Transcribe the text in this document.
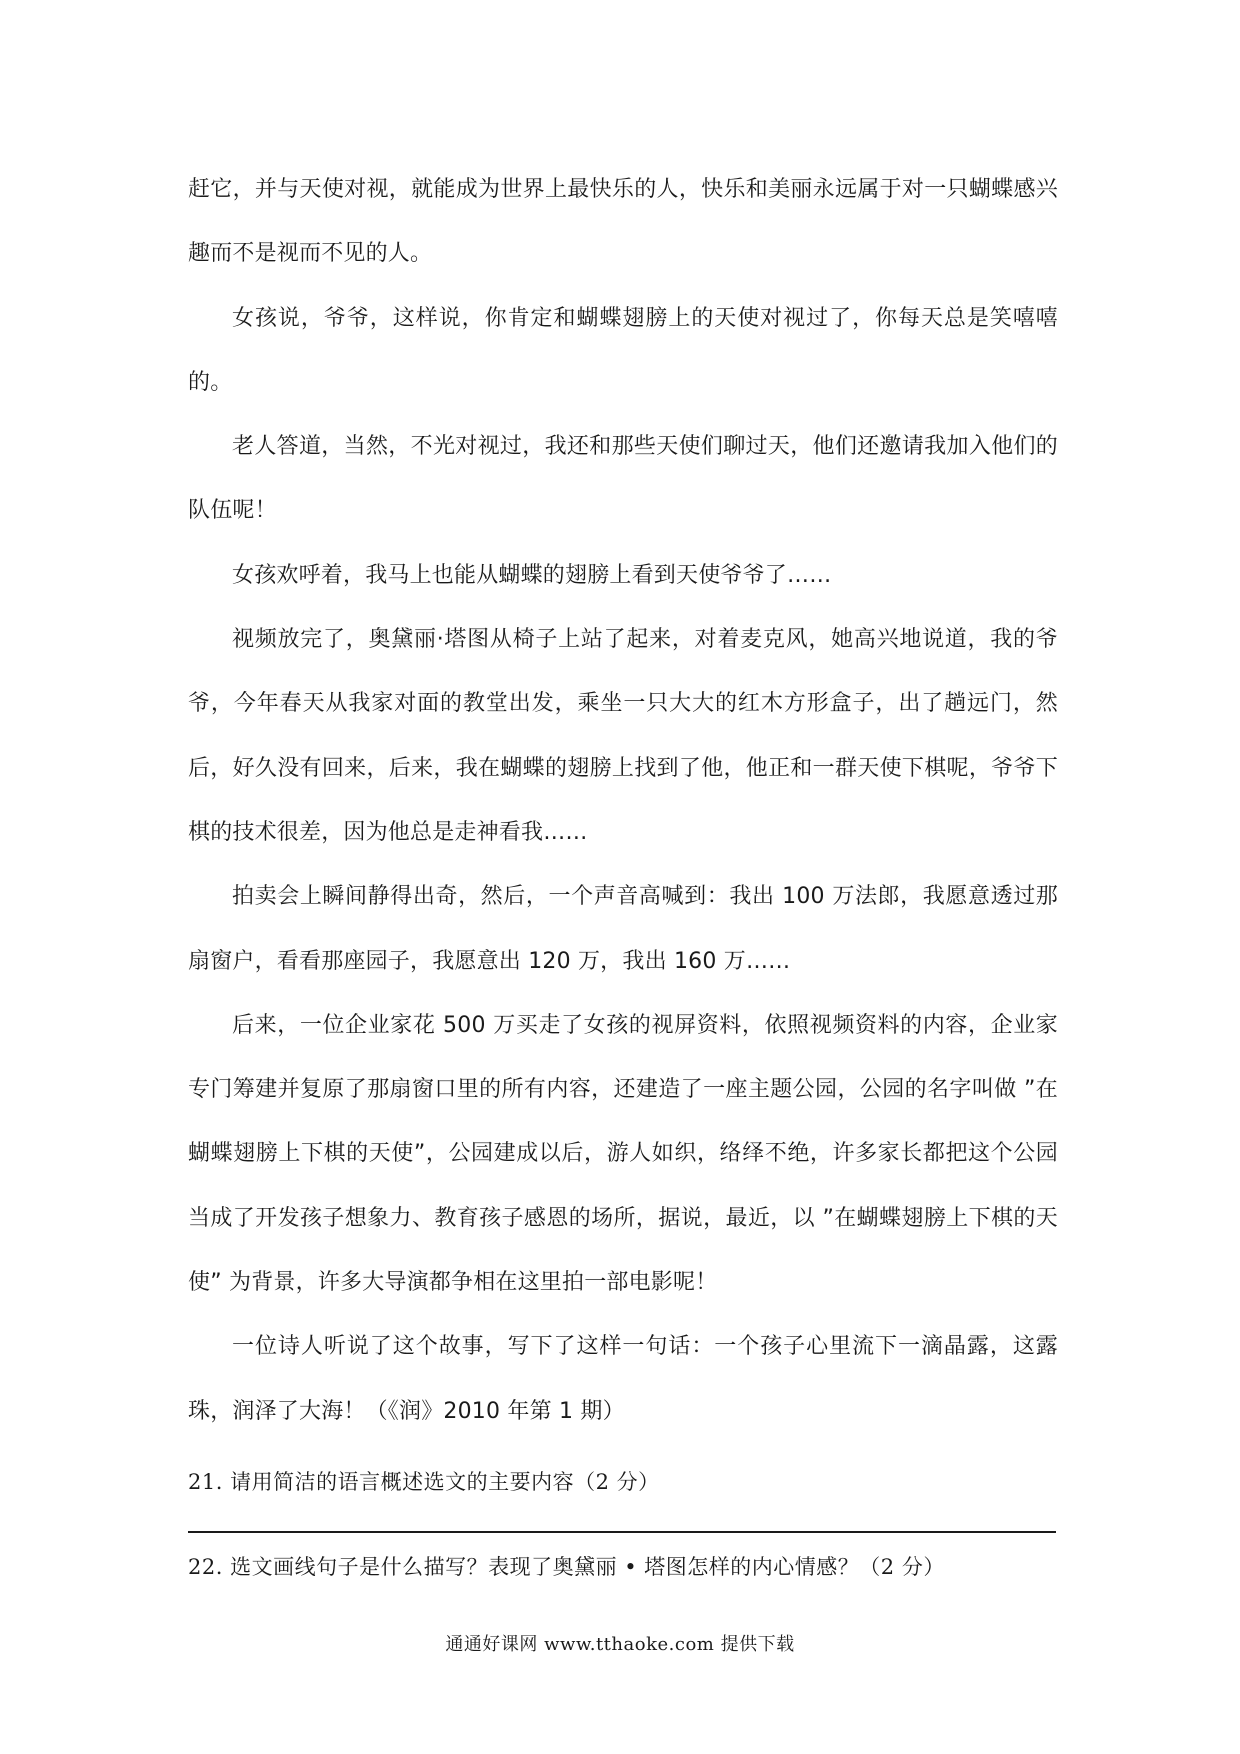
赶它，并与天使对视，就能成为世界上最快乐的人，快乐和美丽永远属于对一只蝴蝶感兴趣而不是视而不见的人。

女孩说，爷爷，这样说，你肯定和蝴蝶翅膀上的天使对视过了，你每天总是笑嘻嘻的。

老人答道，当然，不光对视过，我还和那些天使们聊过天，他们还邀请我加入他们的队伍呢！

女孩欢呼着，我马上也能从蝴蝶的翅膀上看到天使爷爷了……

视频放完了，奥黛丽·塔图从椅子上站了起来，对着麦克风，她高兴地说道，我的爷爷，今年春天从我家对面的教堂出发，乘坐一只大大的红木方形盒子，出了趟远门，然后，好久没有回来，后来，我在蝴蝶的翅膀上找到了他，他正和一群天使下棋呢，爷爷下棋的技术很差，因为他总是走神看我……

拍卖会上瞬间静得出奇，然后，一个声音高喊到：我出 100 万法郎，我愿意透过那扇窗户，看看那座园子，我愿意出 120 万，我出 160 万……

后来，一位企业家花 500 万买走了女孩的视屏资料，依照视频资料的内容，企业家专门筹建并复原了那扇窗口里的所有内容，还建造了一座主题公园，公园的名字叫做 ”在蝴蝶翅膀上下棋的天使”，公园建成以后，游人如织，络绎不绝，许多家长都把这个公园当成了开发孩子想象力、教育孩子感恩的场所，据说，最近，以 ”在蝴蝶翅膀上下棋的天使” 为背景，许多大导演都争相在这里拍一部电影呢！

一位诗人听说了这个故事，写下了这样一句话：一个孩子心里流下一滴晶露，这露珠，润泽了大海！（《润》2010 年第 1 期）

21. 请用简洁的语言概述选文的主要内容（2 分）
22. 选文画线句子是什么描写？表现了奥黛丽 • 塔图怎样的内心情感？（2 分）
通通好课网 www.tthaoke.com 提供下载
